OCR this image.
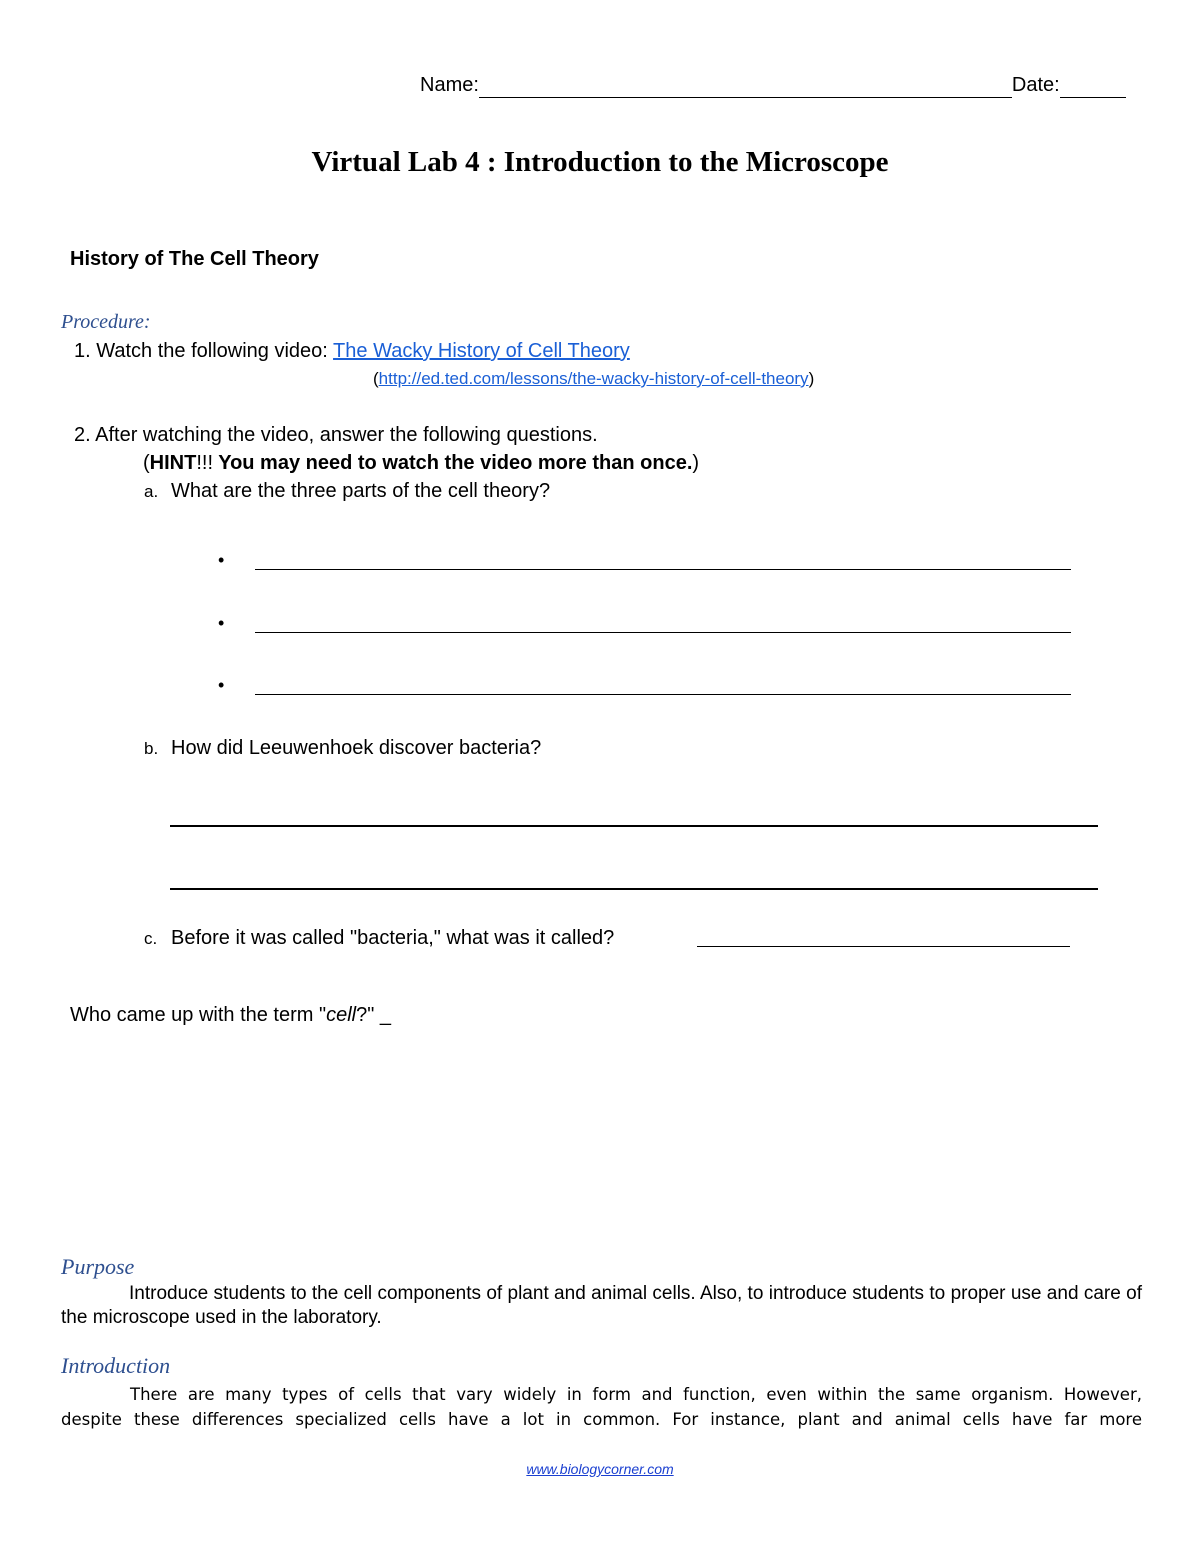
Name:	Date:
Virtual Lab 4 : Introduction to the Microscope
History of The Cell Theory
Procedure:
1. Watch the following video: The Wacky History of Cell Theory
(http://ed.ted.com/lessons/the-wacky-history-of-cell-theory)
2. After watching the video, answer the following questions.
(HINT!!! You may need to watch the video more than once.)
a. What are the three parts of the cell theory?
•
•
•
b. How did Leeuwenhoek discover bacteria?
c. Before it was called "bacteria," what was it called?
Who came up with the term "cell?" _
Purpose
Introduce students to the cell components of plant and animal cells. Also, to introduce students to proper use and care of the microscope used in the laboratory.
Introduction
There are many types of cells that vary widely in form and function, even within the same organism. However,
despite these differences specialized cells have a lot in common. For instance, plant and animal cells have far more
www.biologycorner.com
